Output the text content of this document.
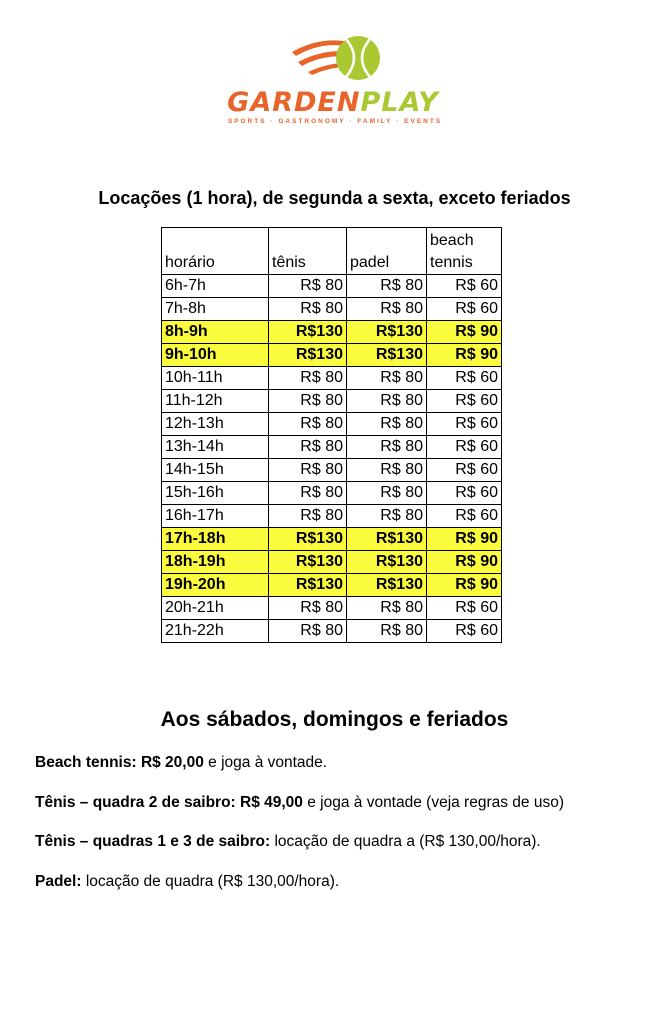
GARDENPLAY
SPORTS · GASTRONOMY · FAMILY · EVENTS
Locações (1 hora), de segunda a sexta, exceto feriados
horário	tênis	padel	beach
tennis
6h-7h	R$ 80	R$ 80	R$ 60
7h-8h	R$ 80	R$ 80	R$ 60
8h-9h	R$130	R$130	R$ 90
9h-10h	R$130	R$130	R$ 90
10h-11h	R$ 80	R$ 80	R$ 60
11h-12h	R$ 80	R$ 80	R$ 60
12h-13h	R$ 80	R$ 80	R$ 60
13h-14h	R$ 80	R$ 80	R$ 60
14h-15h	R$ 80	R$ 80	R$ 60
15h-16h	R$ 80	R$ 80	R$ 60
16h-17h	R$ 80	R$ 80	R$ 60
17h-18h	R$130	R$130	R$ 90
18h-19h	R$130	R$130	R$ 90
19h-20h	R$130	R$130	R$ 90
20h-21h	R$ 80	R$ 80	R$ 60
21h-22h	R$ 80	R$ 80	R$ 60
Aos sábados, domingos e feriados
Beach tennis: R$ 20,00 e joga à vontade.
Tênis – quadra 2 de saibro: R$ 49,00 e joga à vontade (veja regras de uso)
Tênis – quadras 1 e 3 de saibro: locação de quadra a (R$ 130,00/hora).
Padel: locação de quadra (R$ 130,00/hora).
